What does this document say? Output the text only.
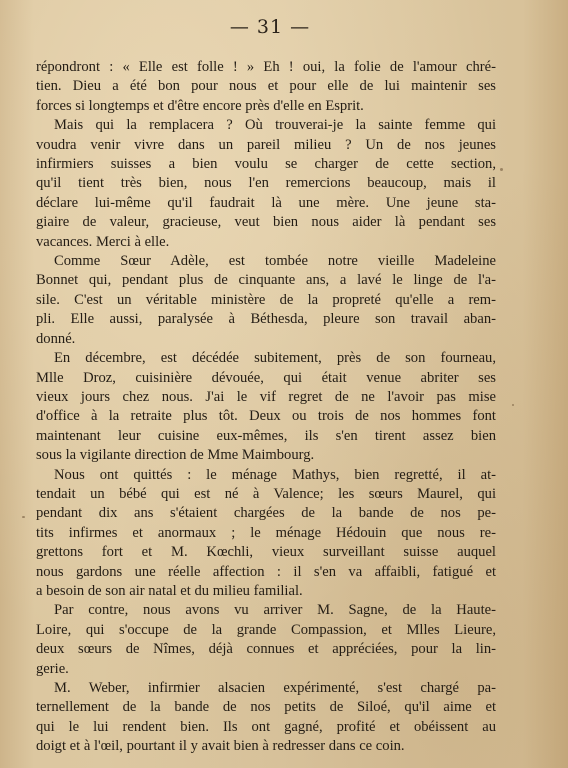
— 31 —
répondront : « Elle est folle ! » Eh ! oui, la folie de l'amour chré-
tien. Dieu a été bon pour nous et pour elle de lui maintenir ses
forces si longtemps et d'être encore près d'elle en Esprit.
Mais qui la remplacera ? Où trouverai-je la sainte femme qui
voudra venir vivre dans un pareil milieu ? Un de nos jeunes
infirmiers suisses a bien voulu se charger de cette section,
qu'il tient très bien, nous l'en remercions beaucoup, mais il
déclare lui-même qu'il faudrait là une mère. Une jeune sta-
giaire de valeur, gracieuse, veut bien nous aider là pendant ses
vacances. Merci à elle.
Comme Sœur Adèle, est tombée notre vieille Madeleine
Bonnet qui, pendant plus de cinquante ans, a lavé le linge de l'a-
sile. C'est un véritable ministère de la propreté qu'elle a rem-
pli. Elle aussi, paralysée à Béthesda, pleure son travail aban-
donné.
En décembre, est décédée subitement, près de son fourneau,
Mlle Droz, cuisinière dévouée, qui était venue abriter ses
vieux jours chez nous. J'ai le vif regret de ne l'avoir pas mise
d'office à la retraite plus tôt. Deux ou trois de nos hommes font
maintenant leur cuisine eux-mêmes, ils s'en tirent assez bien
sous la vigilante direction de Mme Maimbourg.
Nous ont quittés : le ménage Mathys, bien regretté, il at-
tendait un bébé qui est né à Valence; les sœurs Maurel, qui
pendant dix ans s'étaient chargées de la bande de nos pe-
tits infirmes et anormaux ; le ménage Hédouin que nous re-
grettons fort et M. Kœchli, vieux surveillant suisse auquel
nous gardons une réelle affection : il s'en va affaibli, fatigué et
a besoin de son air natal et du milieu familial.
Par contre, nous avons vu arriver M. Sagne, de la Haute-
Loire, qui s'occupe de la grande Compassion, et Mlles Lieure,
deux sœurs de Nîmes, déjà connues et appréciées, pour la lin-
gerie.
M. Weber, infirmier alsacien expérimenté, s'est chargé pa-
ternellement de la bande de nos petits de Siloé, qu'il aime et
qui le lui rendent bien. Ils ont gagné, profité et obéissent au
doigt et à l'œil, pourtant il y avait bien à redresser dans ce coin.
